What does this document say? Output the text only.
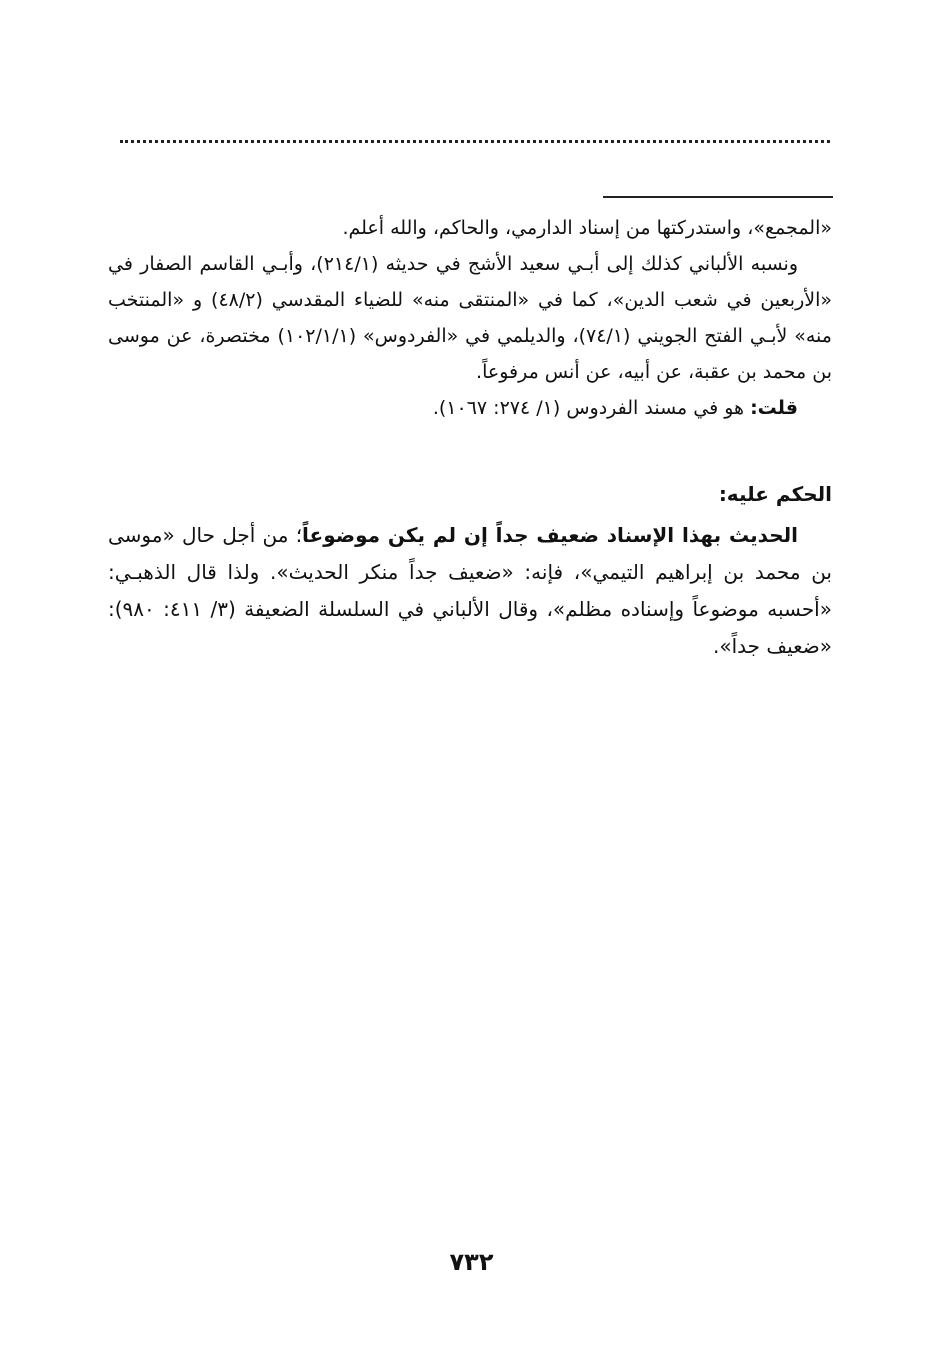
«المجمع»، واستدركتها من إسناد الدارمي، والحاكم، والله أعلم.

ونسبه الألباني كذلك إلى أبـي سعيد الأشج في حديثه (٢١٤/١)، وأبـي القاسم الصفار في «الأربعين في شعب الدين»، كما في «المنتقى منه» للضياء المقدسي (٤٨/٢) و «المنتخب منه» لأبـي الفتح الجويني (٧٤/١)، والديلمي في «الفردوس» (١٠٢/١/١) مختصرة، عن موسى بن محمد بن عقبة، عن أبيه، عن أنس مرفوعاً.

قلت: هو في مسند الفردوس (١/ ٢٧٤: ١٠٦٧).

الحكم عليه:

الحديث بهذا الإسناد ضعيف جداً إن لم يكن موضوعاً؛ من أجل حال «موسى بن محمد بن إبراهيم التيمي»، فإنه: «ضعيف جداً منكر الحديث». ولذا قال الذهبـي: «أحسبه موضوعاً وإسناده مظلم»، وقال الألباني في السلسلة الضعيفة (٣/ ٤١١: ٩٨٠): «ضعيف جداً».

٧٣٢
